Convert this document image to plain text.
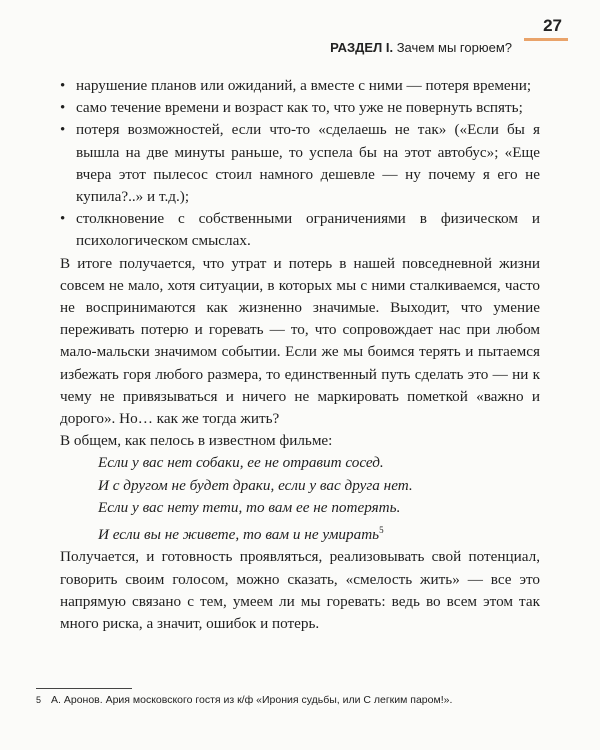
27
РАЗДЕЛ I. Зачем мы горюем?
• нарушение планов или ожиданий, а вместе с ними — потеря времени;
• само течение времени и возраст как то, что уже не повернуть вспять;
• потеря возможностей, если что-то «сделаешь не так» («Если бы я вышла на две минуты раньше, то успела бы на этот автобус»; «Еще вчера этот пылесос стоил намного дешевле — ну почему я его не купила?..» и т.д.);
• столкновение с собственными ограничениями в физическом и психологическом смыслах.

В итоге получается, что утрат и потерь в нашей повседневной жизни совсем не мало, хотя ситуации, в которых мы с ними сталкиваемся, часто не воспринимаются как жизненно значимые. Выходит, что умение переживать потерю и горевать — то, что сопровождает нас при любом мало-мальски значимом событии. Если же мы боимся терять и пытаемся избежать горя любого размера, то единственный путь сделать это — ни к чему не привязываться и ничего не маркировать пометкой «важно и дорого». Но… как же тогда жить?

В общем, как пелось в известном фильме:

Если у вас нет собаки, ее не отравит сосед.
И с другом не будет драки, если у вас друга нет.
Если у вас нету тети, то вам ее не потерять.
И если вы не живете, то вам и не умирать$^5$

Получается, и готовность проявляться, реализовывать свой потенциал, говорить своим голосом, можно сказать, «смелость жить» — все это напрямую связано с тем, умеем ли мы горевать: ведь во всем этом так много риска, а значит, ошибок и потерь.

5 А. Аронов. Ария московского гостя из к/ф «Ирония судьбы, или С легким паром!».
